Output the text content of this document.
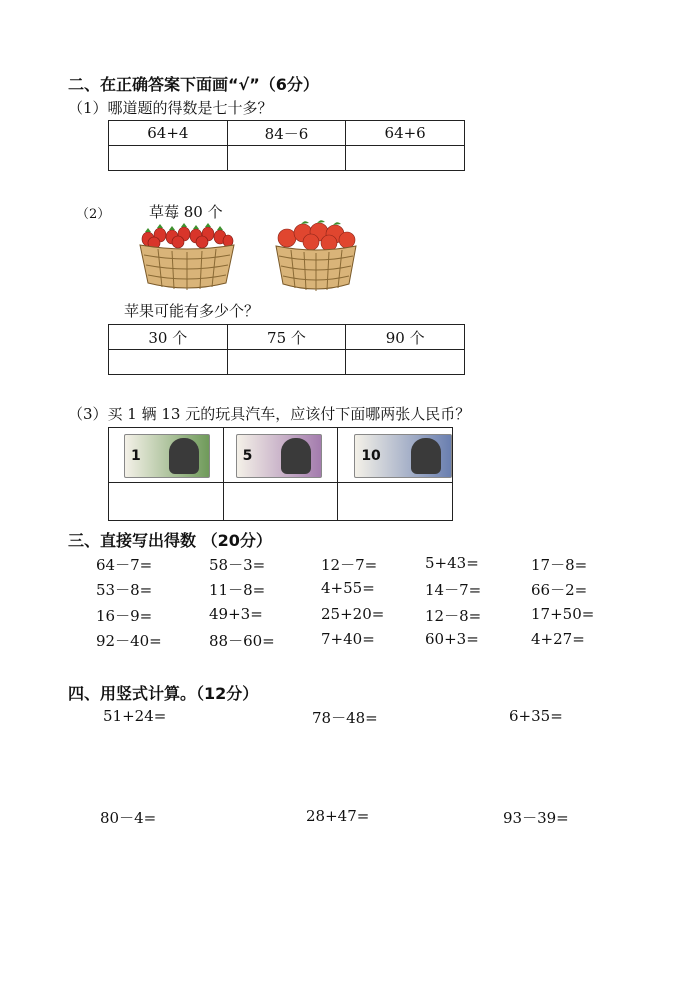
二、在正确答案下面画“√”（6分）
（1）哪道题的得数是七十多？
64+4	84－6	64+6

（2）	草莓 80 个
苹果可能有多少个？
30 个	75 个	90 个

（3）买 1 辆 13 元的玩具汽车，应该付下面哪两张人民币？
1	5	10

三、直接写出得数 （20分）
64－7=	58－3=	12－7=	5+43=	17－8=
53－8=	11－8=	4+55=	14－7=	66－2=
16－9=	49+3=	25+20=	12－8=	17+50=
92－40=	88－60=	7+40=	60+3=	4+27=
四、用竖式计算。（12分）
51+24=	78－48=	6+35=
80－4=	28+47=	93－39=
